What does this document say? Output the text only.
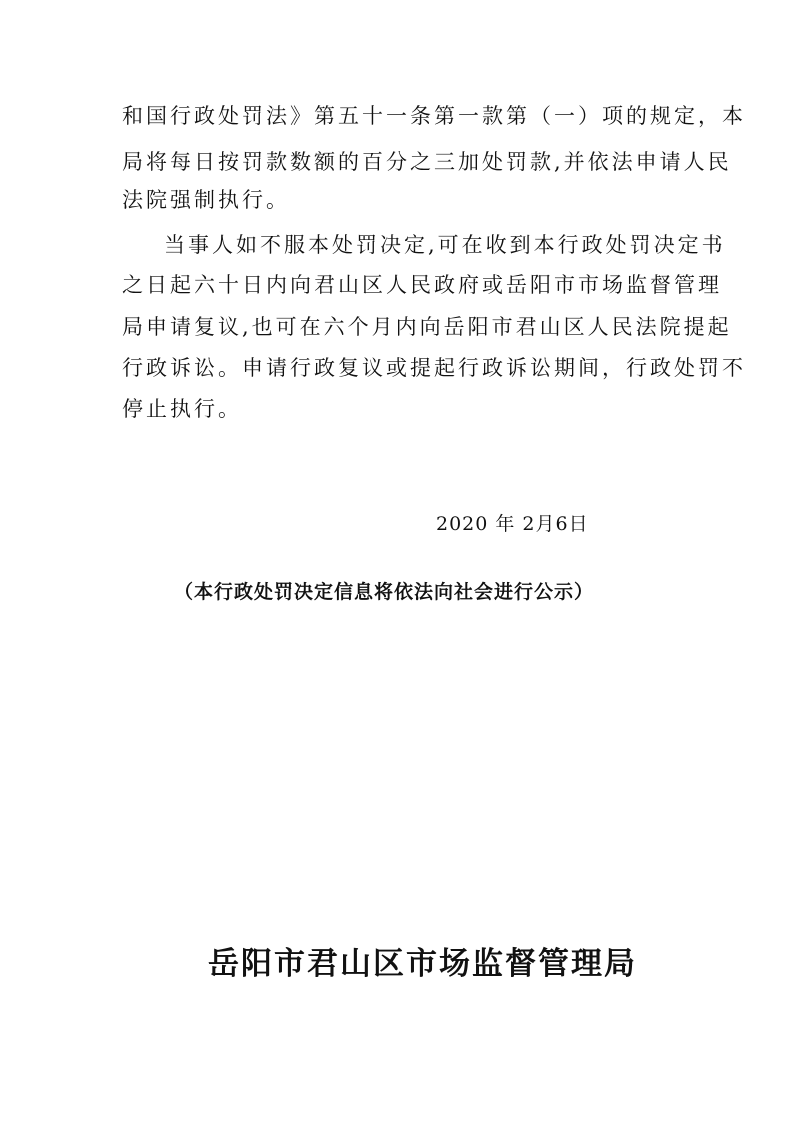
和国行政处罚法》第五十一条第一款第（一）项的规定，本
局将每日按罚款数额的百分之三加处罚款,并依法申请人民
法院强制执行。
当事人如不服本处罚决定,可在收到本行政处罚决定书
之日起六十日内向君山区人民政府或岳阳市市场监督管理
局申请复议,也可在六个月内向岳阳市君山区人民法院提起
行政诉讼。申请行政复议或提起行政诉讼期间，行政处罚不
停止执行。
2020 年 2月6日
（本行政处罚决定信息将依法向社会进行公示）
岳阳市君山区市场监督管理局
